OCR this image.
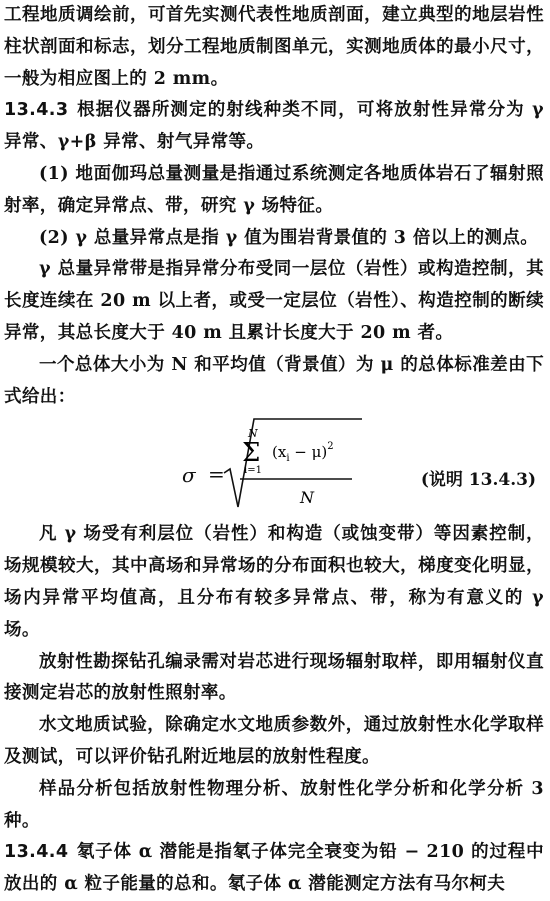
工程地质调绘前，可首先实测代表性地质剖面，建立典型的地层岩性柱状剖面和标志，划分工程地质制图单元，实测地质体的最小尺寸，一般为相应图上的 2 mm。

13.4.3 根据仪器所测定的射线种类不同，可将放射性异常分为 γ 异常、γ+β 异常、射气异常等。

(1) 地面伽玛总量测量是指通过系统测定各地质体岩石了辐射照射率，确定异常点、带，研究 γ 场特征。

(2) γ 总量异常点是指 γ 值为围岩背景值的 3 倍以上的测点。

γ 总量异常带是指异常分布受同一层位（岩性）或构造控制，其长度连续在 20 m 以上者，或受一定层位（岩性）、构造控制的断续异常，其总长度大于 40 m 且累计长度大于 20 m 者。

一个总体大小为 N 和平均值（背景值）为 μ 的总体标准差由下式给出：

σ =
N
Σ
i=1
$(x_i - \mu)^2$
N
(说明 13.4.3)

凡 γ 场受有利层位（岩性）和构造（或蚀变带）等因素控制，场规模较大，其中高场和异常场的分布面积也较大，梯度变化明显，场内异常平均值高，且分布有较多异常点、带，称为有意义的 γ 场。

放射性勘探钻孔编录需对岩芯进行现场辐射取样，即用辐射仪直接测定岩芯的放射性照射率。

水文地质试验，除确定水文地质参数外，通过放射性水化学取样及测试，可以评价钻孔附近地层的放射性程度。

样品分析包括放射性物理分析、放射性化学分析和化学分析 3 种。

13.4.4 氡子体 α 潜能是指氡子体完全衰变为铅 − 210 的过程中放出的 α 粒子能量的总和。氡子体 α 潜能测定方法有马尔柯夫
